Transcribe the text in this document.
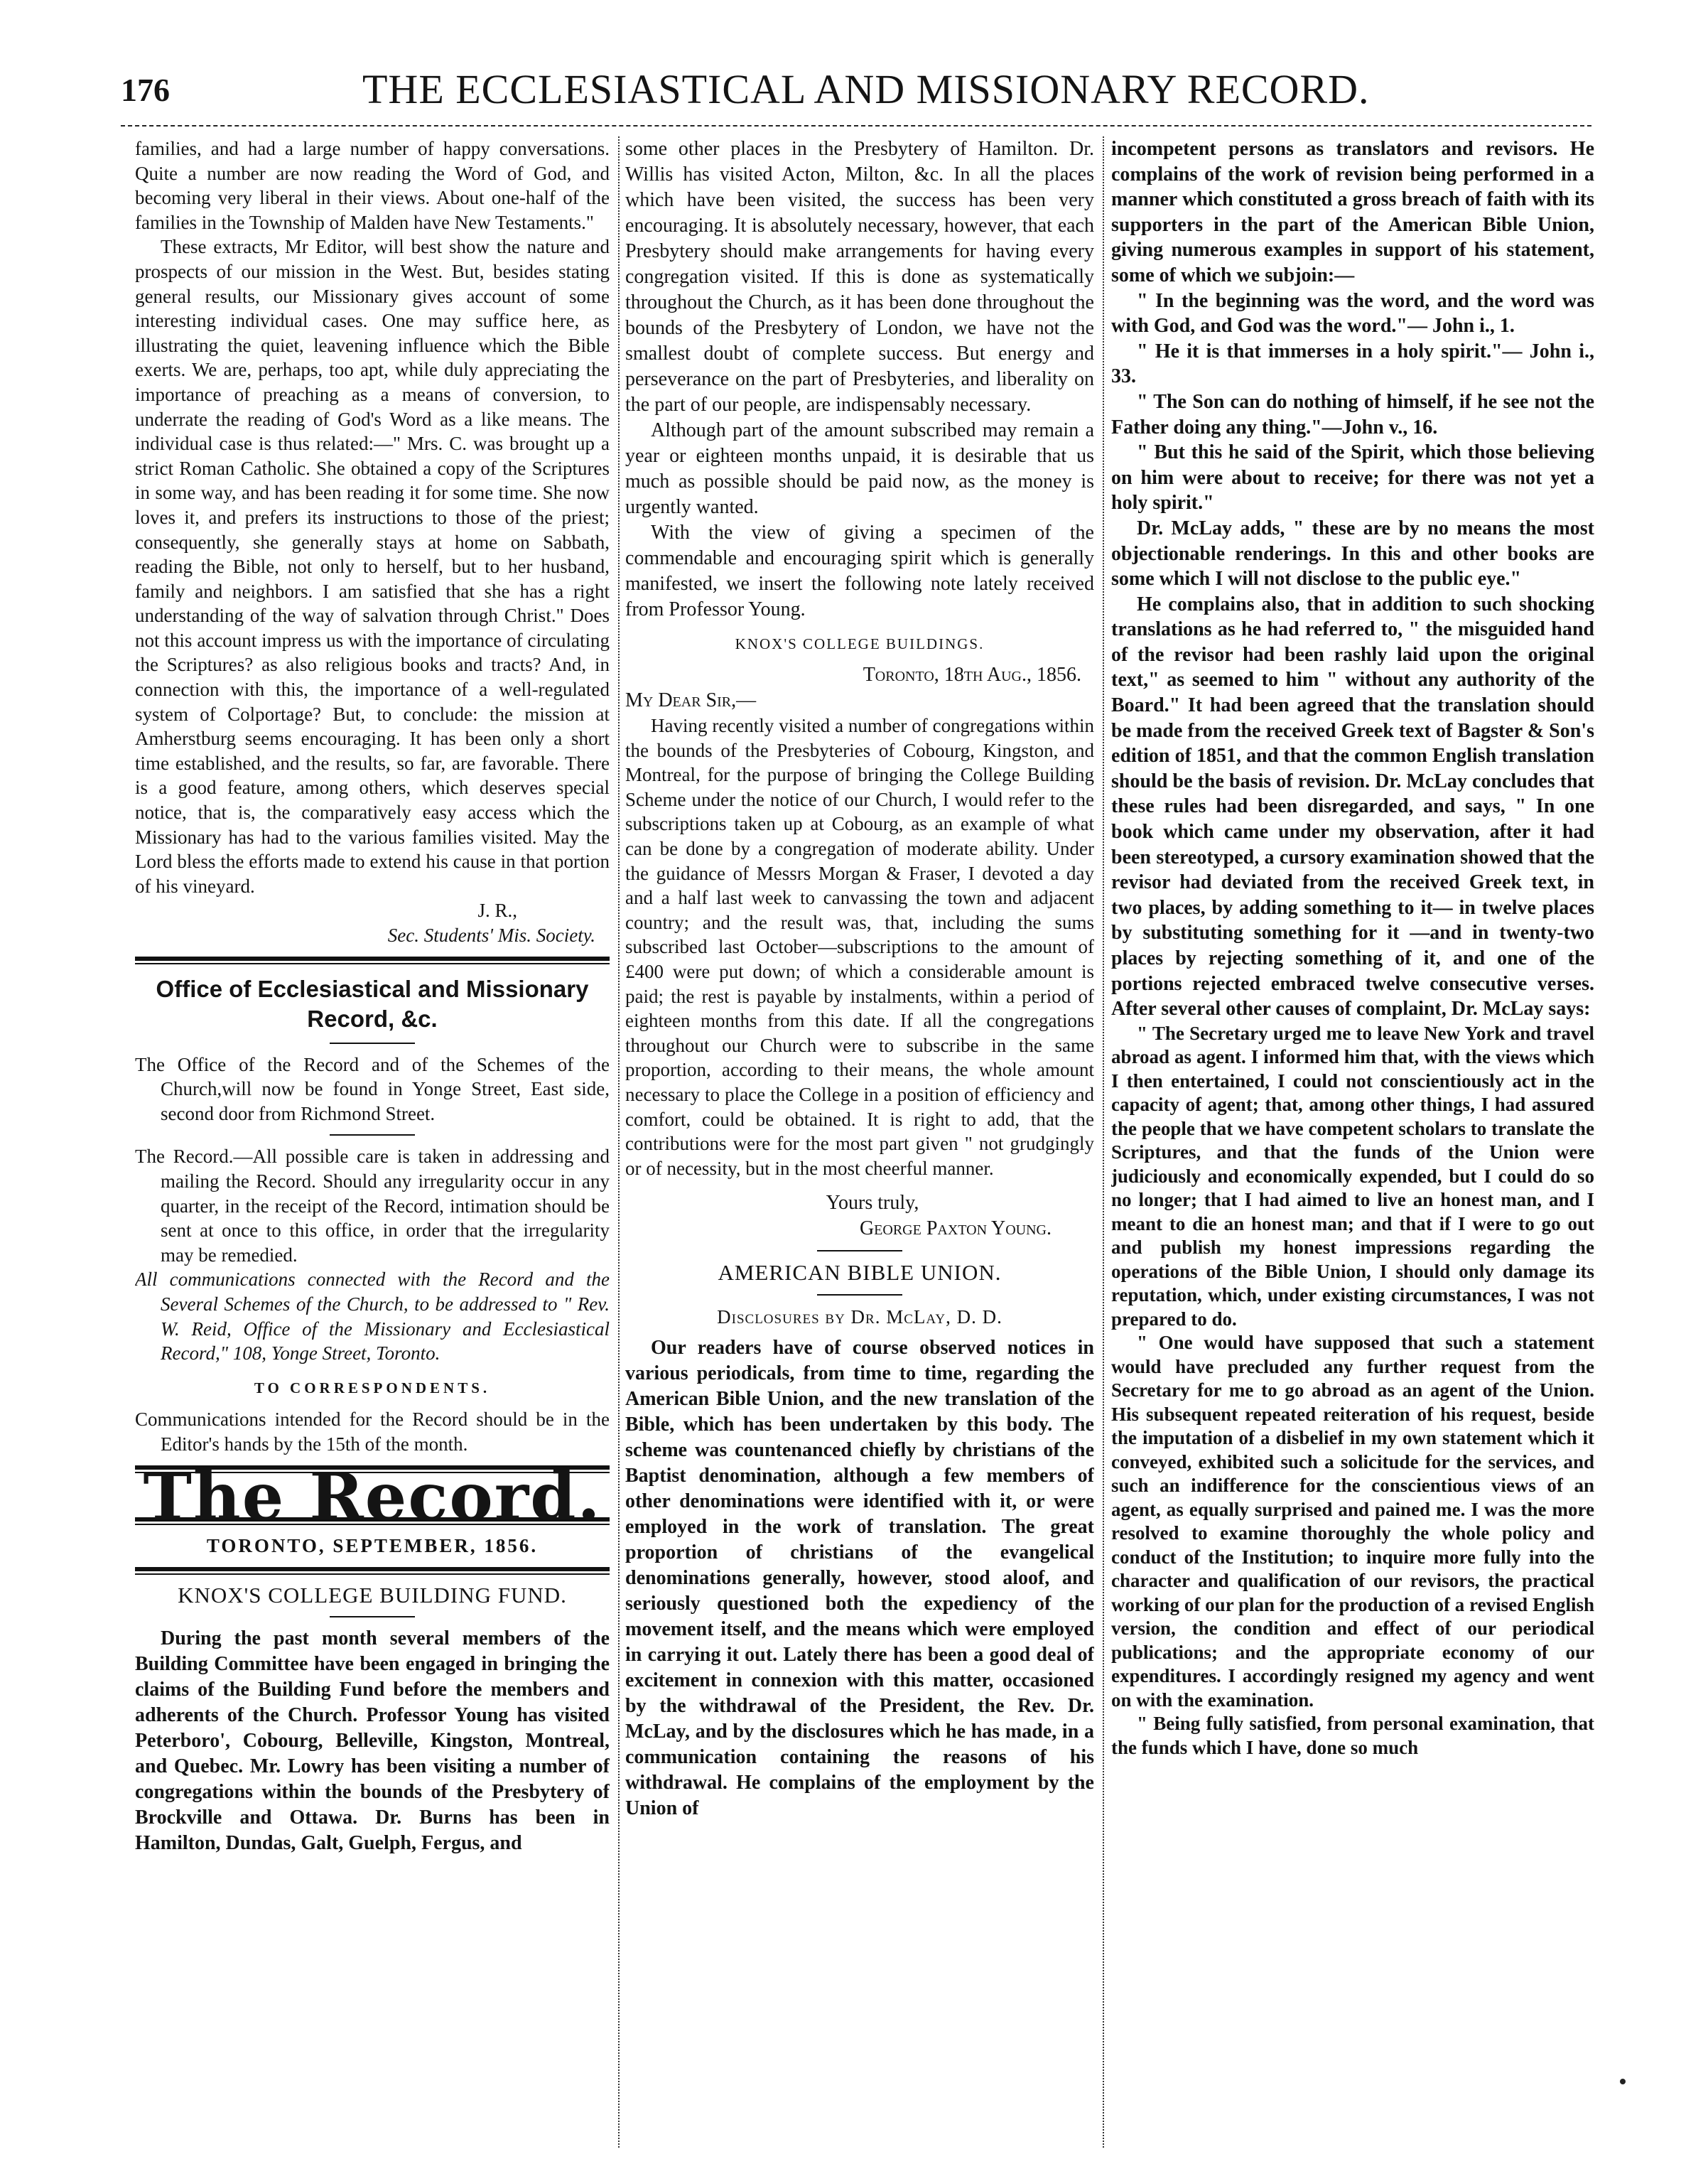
176	THE ECCLESIASTICAL AND MISSIONARY RECORD.

families, and had a large number of happy conversations. Quite a number are now reading the Word of God, and becoming very liberal in their views. About one-half of the families in the Township of Malden have New Testaments."

These extracts, Mr Editor, will best show the nature and prospects of our mission in the West. But, besides stating general results, our Missionary gives account of some interesting individual cases. One may suffice here, as illustrating the quiet, leavening influence which the Bible exerts. We are, perhaps, too apt, while duly appreciating the importance of preaching as a means of conversion, to underrate the reading of God's Word as a like means. The individual case is thus related:—" Mrs. C. was brought up a strict Roman Catholic. She obtained a copy of the Scriptures in some way, and has been reading it for some time. She now loves it, and prefers its instructions to those of the priest; consequently, she generally stays at home on Sabbath, reading the Bible, not only to herself, but to her husband, family and neighbors. I am satisfied that she has a right understanding of the way of salvation through Christ." Does not this account impress us with the importance of circulating the Scriptures? as also religious books and tracts? And, in connection with this, the importance of a well-regulated system of Colportage? But, to conclude: the mission at Amherstburg seems encouraging. It has been only a short time established, and the results, so far, are favorable. There is a good feature, among others, which deserves special notice, that is, the comparatively easy access which the Missionary has had to the various families visited. May the Lord bless the efforts made to extend his cause in that portion of his vineyard.

J. R.,

Sec. Students' Mis. Society.

Office of Ecclesiastical and Missionary Record, &c.

The Office of the Record and of the Schemes of the Church,will now be found in Yonge Street, East side, second door from Richmond Street.

The Record.—All possible care is taken in addressing and mailing the Record. Should any irregularity occur in any quarter, in the receipt of the Record, intimation should be sent at once to this office, in order that the irregularity may be remedied.

All communications connected with the Record and the Several Schemes of the Church, to be addressed to " Rev. W. Reid, Office of the Missionary and Ecclesiastical Record," 108, Yonge Street, Toronto.

TO CORRESPONDENTS.

Communications intended for the Record should be in the Editor's hands by the 15th of the month.

The Record.
TORONTO, SEPTEMBER, 1856.
KNOX'S COLLEGE BUILDING FUND.

During the past month several members of the Building Committee have been engaged in bringing the claims of the Building Fund before the members and adherents of the Church. Professor Young has visited Peterboro', Cobourg, Belleville, Kingston, Montreal, and Quebec. Mr. Lowry has been visiting a number of congregations within the bounds of the Presbytery of Brockville and Ottawa. Dr. Burns has been in Hamilton, Dundas, Galt, Guelph, Fergus, and

some other places in the Presbytery of Hamilton. Dr. Willis has visited Acton, Milton, &c. In all the places which have been visited, the success has been very encouraging. It is absolutely necessary, however, that each Presbytery should make arrangements for having every congregation visited. If this is done as systematically throughout the Church, as it has been done throughout the bounds of the Presbytery of London, we have not the smallest doubt of complete success. But energy and perseverance on the part of Presbyteries, and liberality on the part of our people, are indispensably necessary.

Although part of the amount subscribed may remain a year or eighteen months unpaid, it is desirable that us much as possible should be paid now, as the money is urgently wanted.

With the view of giving a specimen of the commendable and encouraging spirit which is generally manifested, we insert the following note lately received from Professor Young.

KNOX'S COLLEGE BUILDINGS.

Toronto, 18th Aug., 1856.

My Dear Sir,—

Having recently visited a number of congregations within the bounds of the Presbyteries of Cobourg, Kingston, and Montreal, for the purpose of bringing the College Building Scheme under the notice of our Church, I would refer to the subscriptions taken up at Cobourg, as an example of what can be done by a congregation of moderate ability. Under the guidance of Messrs Morgan & Fraser, I devoted a day and a half last week to canvassing the town and adjacent country; and the result was, that, including the sums subscribed last October—subscriptions to the amount of £400 were put down; of which a considerable amount is paid; the rest is payable by instalments, within a period of eighteen months from this date. If all the congregations throughout our Church were to subscribe in the same proportion, according to their means, the whole amount necessary to place the College in a position of efficiency and comfort, could be obtained. It is right to add, that the contributions were for the most part given " not grudgingly or of necessity, but in the most cheerful manner.

Yours truly,

George Paxton Young.

AMERICAN BIBLE UNION.
Disclosures by Dr. McLay, D. D.

Our readers have of course observed notices in various periodicals, from time to time, regarding the American Bible Union, and the new translation of the Bible, which has been undertaken by this body. The scheme was countenanced chiefly by christians of the Baptist denomination, although a few members of other denominations were identified with it, or were employed in the work of translation. The great proportion of christians of the evangelical denominations generally, however, stood aloof, and seriously questioned both the expediency of the movement itself, and the means which were employed in carrying it out. Lately there has been a good deal of excitement in connexion with this matter, occasioned by the withdrawal of the President, the Rev. Dr. McLay, and by the disclosures which he has made, in a communication containing the reasons of his withdrawal. He complains of the employment by the Union of

incompetent persons as translators and revisors. He complains of the work of revision being performed in a manner which constituted a gross breach of faith with its supporters in the part of the American Bible Union, giving numerous examples in support of his statement, some of which we subjoin:—

" In the beginning was the word, and the word was with God, and God was the word."— John i., 1.

" He it is that immerses in a holy spirit."— John i., 33.

" The Son can do nothing of himself, if he see not the Father doing any thing."—John v., 16.

" But this he said of the Spirit, which those believing on him were about to receive; for there was not yet a holy spirit."

Dr. McLay adds, " these are by no means the most objectionable renderings. In this and other books are some which I will not disclose to the public eye."

He complains also, that in addition to such shocking translations as he had referred to, " the misguided hand of the revisor had been rashly laid upon the original text," as seemed to him " without any authority of the Board." It had been agreed that the translation should be made from the received Greek text of Bagster & Son's edition of 1851, and that the common English translation should be the basis of revision. Dr. McLay concludes that these rules had been disregarded, and says, " In one book which came under my observation, after it had been stereotyped, a cursory examination showed that the revisor had deviated from the received Greek text, in two places, by adding something to it— in twelve places by substituting something for it —and in twenty-two places by rejecting something of it, and one of the portions rejected embraced twelve consecutive verses. After several other causes of complaint, Dr. McLay says:

" The Secretary urged me to leave New York and travel abroad as agent. I informed him that, with the views which I then entertained, I could not conscientiously act in the capacity of agent; that, among other things, I had assured the people that we have competent scholars to translate the Scriptures, and that the funds of the Union were judiciously and economically expended, but I could do so no longer; that I had aimed to live an honest man, and I meant to die an honest man; and that if I were to go out and publish my honest impressions regarding the operations of the Bible Union, I should only damage its reputation, which, under existing circumstances, I was not prepared to do.

" One would have supposed that such a statement would have precluded any further request from the Secretary for me to go abroad as an agent of the Union. His subsequent repeated reiteration of his request, beside the imputation of a disbelief in my own statement which it conveyed, exhibited such a solicitude for the services, and such an indifference for the conscientious views of an agent, as equally surprised and pained me. I was the more resolved to examine thoroughly the whole policy and conduct of the Institution; to inquire more fully into the character and qualification of our revisors, the practical working of our plan for the production of a revised English version, the condition and effect of our periodical publications; and the appropriate economy of our expenditures. I accordingly resigned my agency and went on with the examination.

" Being fully satisfied, from personal examination, that the funds which I have, done so much
